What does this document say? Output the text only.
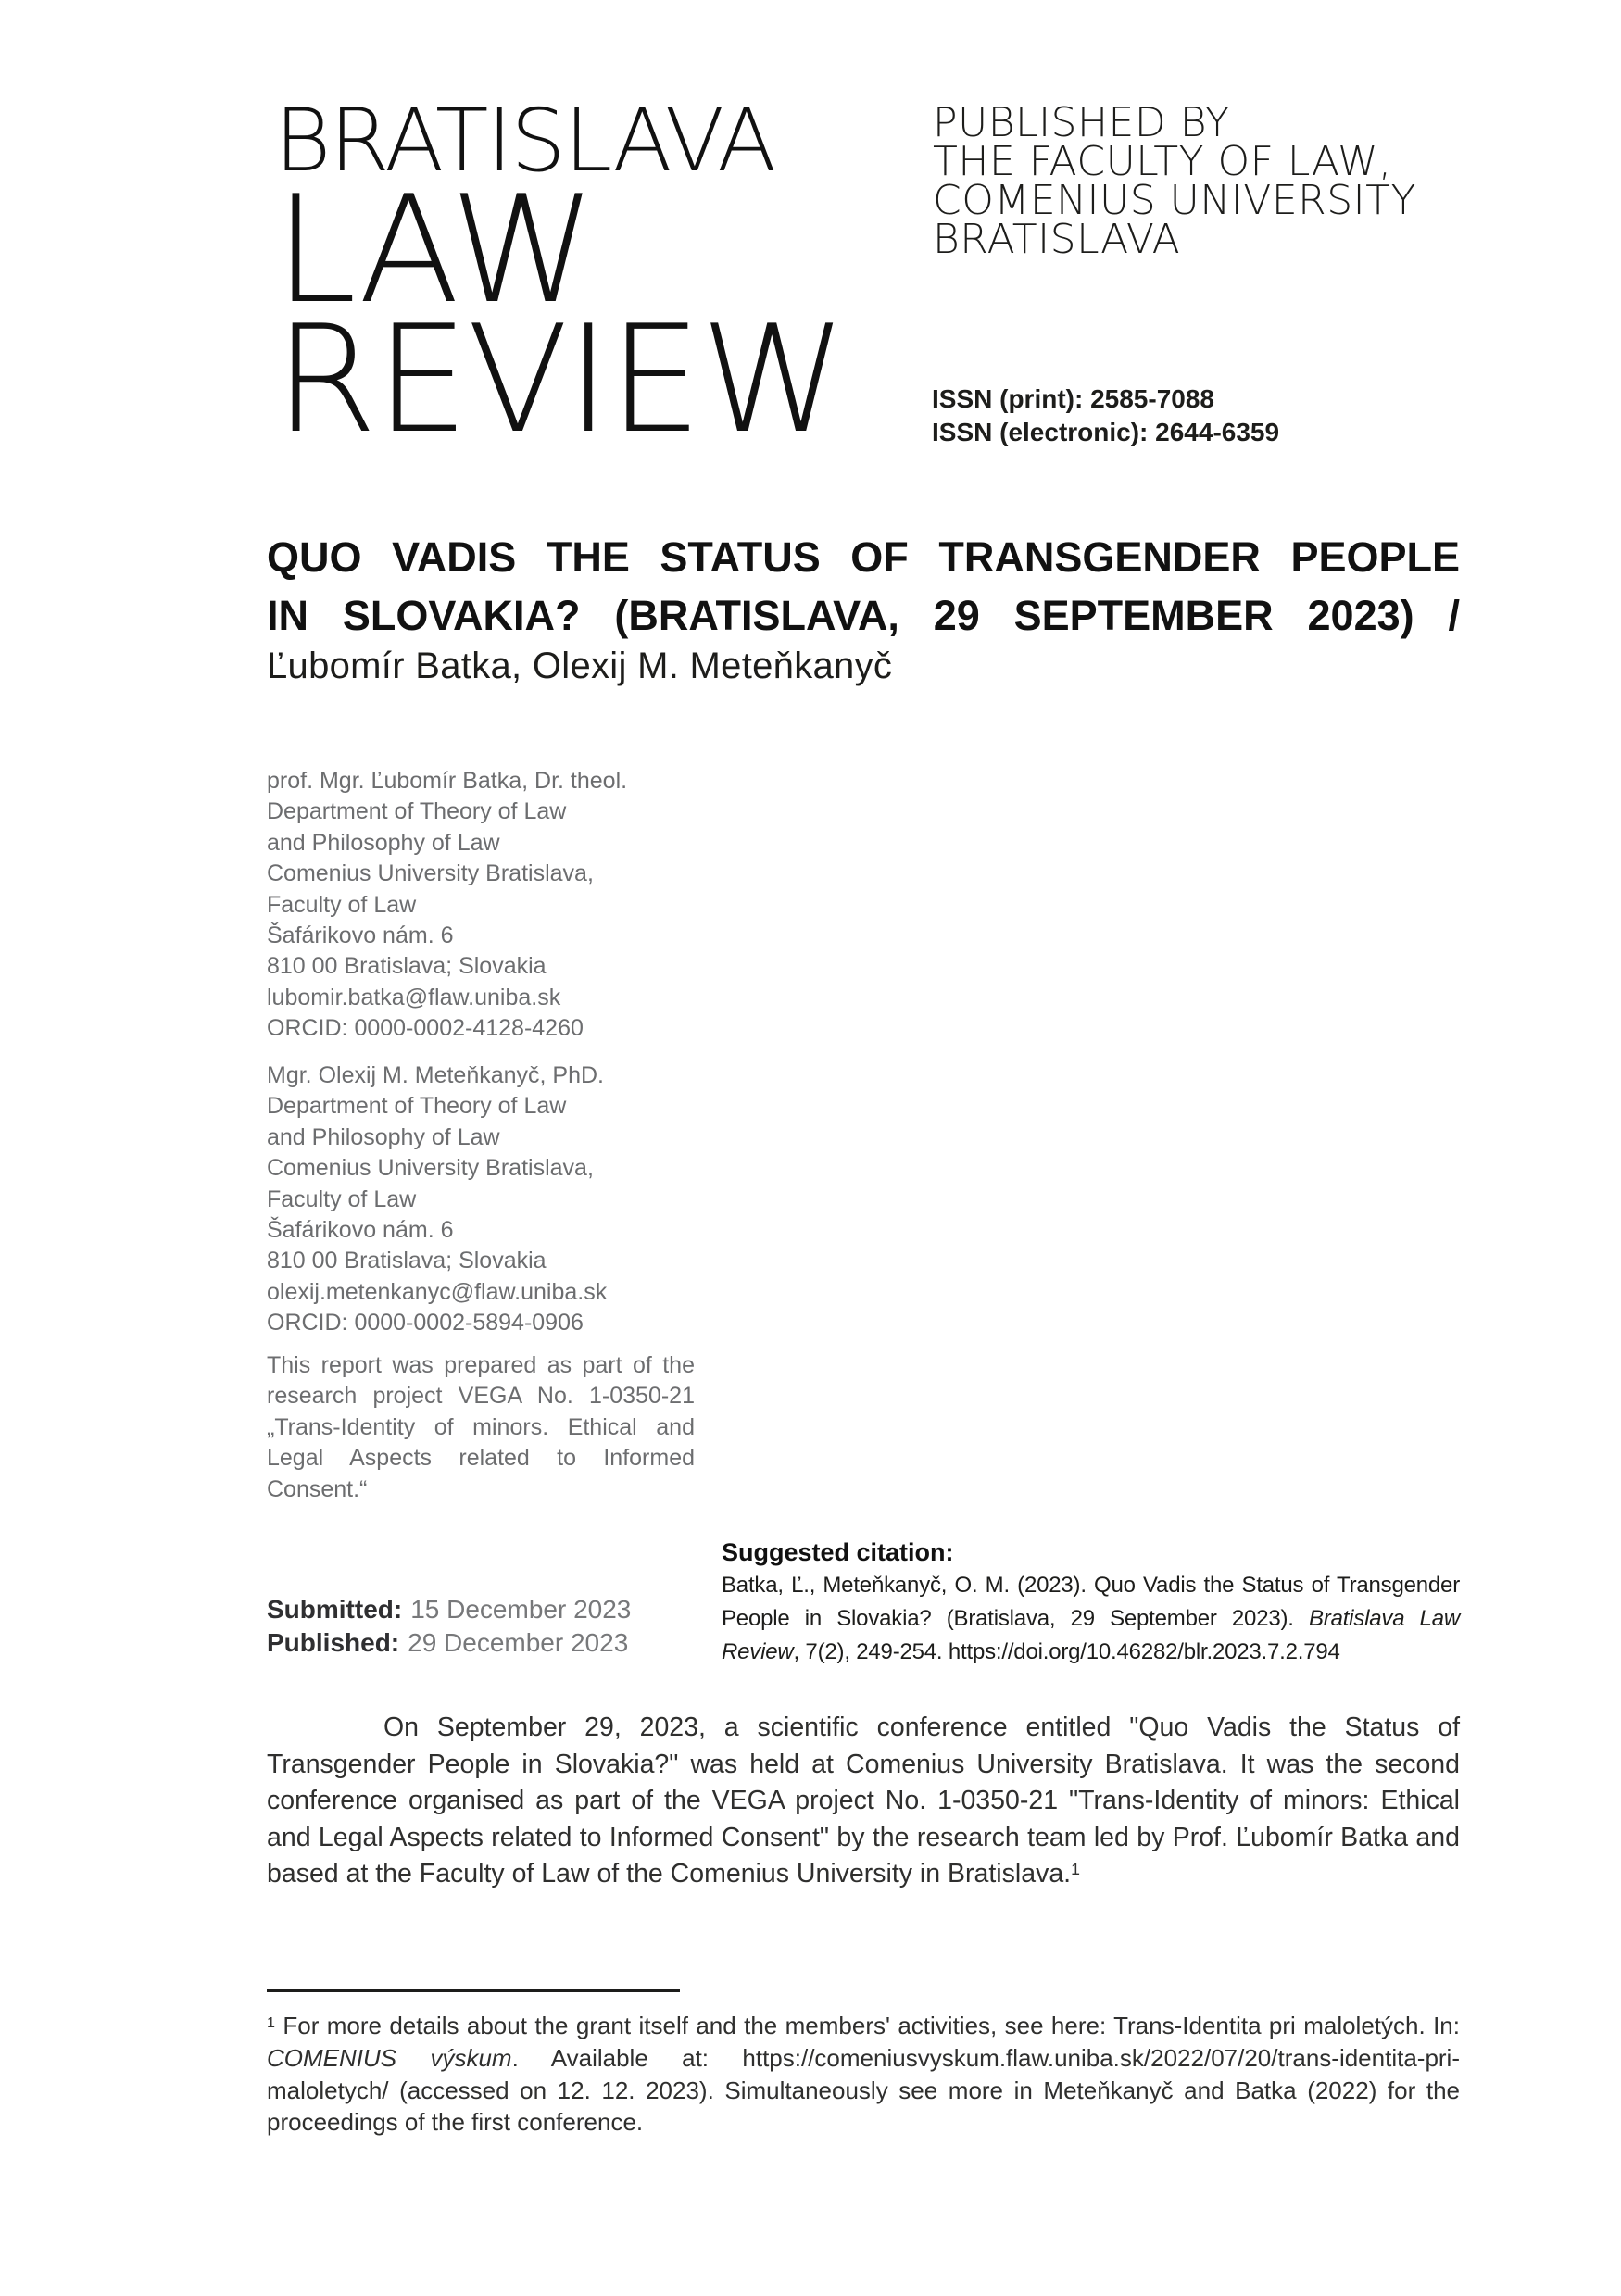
BRATISLAVA
LAW
REVIEW
PUBLISHED BY
THE FACULTY OF LAW,
COMENIUS UNIVERSITY
BRATISLAVA
ISSN (print): 2585-7088
ISSN (electronic): 2644-6359
QUO VADIS THE STATUS OF TRANSGENDER PEOPLE
IN SLOVAKIA? (BRATISLAVA, 29 SEPTEMBER 2023) /
Ľubomír Batka, Olexij M. Meteňkanyč
prof. Mgr. Ľubomír Batka, Dr. theol.
Department of Theory of Law
and Philosophy of Law
Comenius University Bratislava,
Faculty of Law
Šafárikovo nám. 6
810 00 Bratislava; Slovakia
lubomir.batka@flaw.uniba.sk
ORCID: 0000-0002-4128-4260
Mgr. Olexij M. Meteňkanyč, PhD.
Department of Theory of Law
and Philosophy of Law
Comenius University Bratislava,
Faculty of Law
Šafárikovo nám. 6
810 00 Bratislava; Slovakia
olexij.metenkanyc@flaw.uniba.sk
ORCID: 0000-0002-5894-0906
This report was prepared as part of the research project VEGA No. 1-0350-21 „Trans-Identity of minors. Ethical and Legal Aspects related to Informed Consent.“
Submitted: 15 December 2023
Published: 29 December 2023
Suggested citation:

Batka, Ľ., Meteňkanyč, O. M. (2023). Quo Vadis the Status of Transgender People in Slovakia? (Bratislava, 29 September 2023). Bratislava Law Review, 7(2), 249-254. https://doi.org/10.46282/blr.2023.7.2.794

On September 29, 2023, a scientific conference entitled "Quo Vadis the Status of Transgender People in Slovakia?" was held at Comenius University Bratislava. It was the second conference organised as part of the VEGA project No. 1-0350-21 "Trans-Identity of minors: Ethical and Legal Aspects related to Informed Consent" by the research team led by Prof. Ľubomír Batka and based at the Faculty of Law of the Comenius University in Bratislava.$^1$

$^1$ For more details about the grant itself and the members' activities, see here: Trans-Identita pri maloletých. In: COMENIUS výskum. Available at: https://comeniusvyskum.flaw.uniba.sk/2022/07/20/trans-identita-pri-maloletych/ (accessed on 12. 12. 2023). Simultaneously see more in Meteňkanyč and Batka (2022) for the proceedings of the first conference.
